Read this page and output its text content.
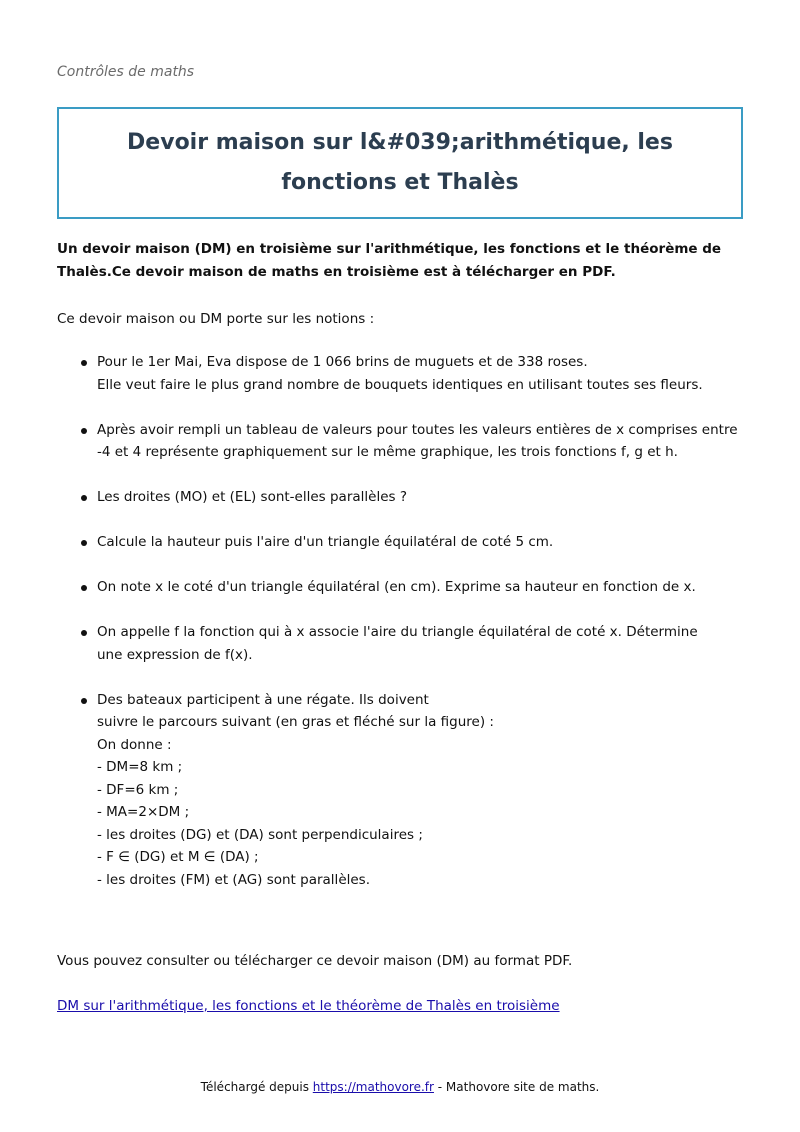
Contrôles de maths
Devoir maison sur l&#039;arithmétique, les fonctions et Thalès

Un devoir maison (DM) en troisième sur l'arithmétique, les fonctions et le théorème de Thalès.Ce devoir maison de maths en troisième est à télécharger en PDF.

Ce devoir maison ou DM porte sur les notions :

Pour le 1er Mai, Eva dispose de 1 066 brins de muguets et de 338 roses.
Elle veut faire le plus grand nombre de bouquets identiques en utilisant toutes ses fleurs.
Après avoir rempli un tableau de valeurs pour toutes les valeurs entières de x comprises entre
-4 et 4 représente graphiquement sur le même graphique, les trois fonctions f, g et h.
Les droites (MO) et (EL) sont-elles parallèles ?
Calcule la hauteur puis l'aire d'un triangle équilatéral de coté 5 cm.
On note x le coté d'un triangle équilatéral (en cm). Exprime sa hauteur en fonction de x.
On appelle f la fonction qui à x associe l'aire du triangle équilatéral de coté x. Détermine
une expression de f(x).
Des bateaux participent à une régate. Ils doivent
suivre le parcours suivant (en gras et fléché sur la figure) :
On donne :
- DM=8 km ;
- DF=6 km ;
- MA=2×DM ;
- les droites (DG) et (DA) sont perpendiculaires ;
- F ∈ (DG) et M ∈ (DA) ;
- les droites (FM) et (AG) sont parallèles.

Vous pouvez consulter ou télécharger ce devoir maison (DM) au format PDF.

DM sur l'arithmétique, les fonctions et le théorème de Thalès en troisième
Téléchargé depuis https://mathovore.fr - Mathovore site de maths.
